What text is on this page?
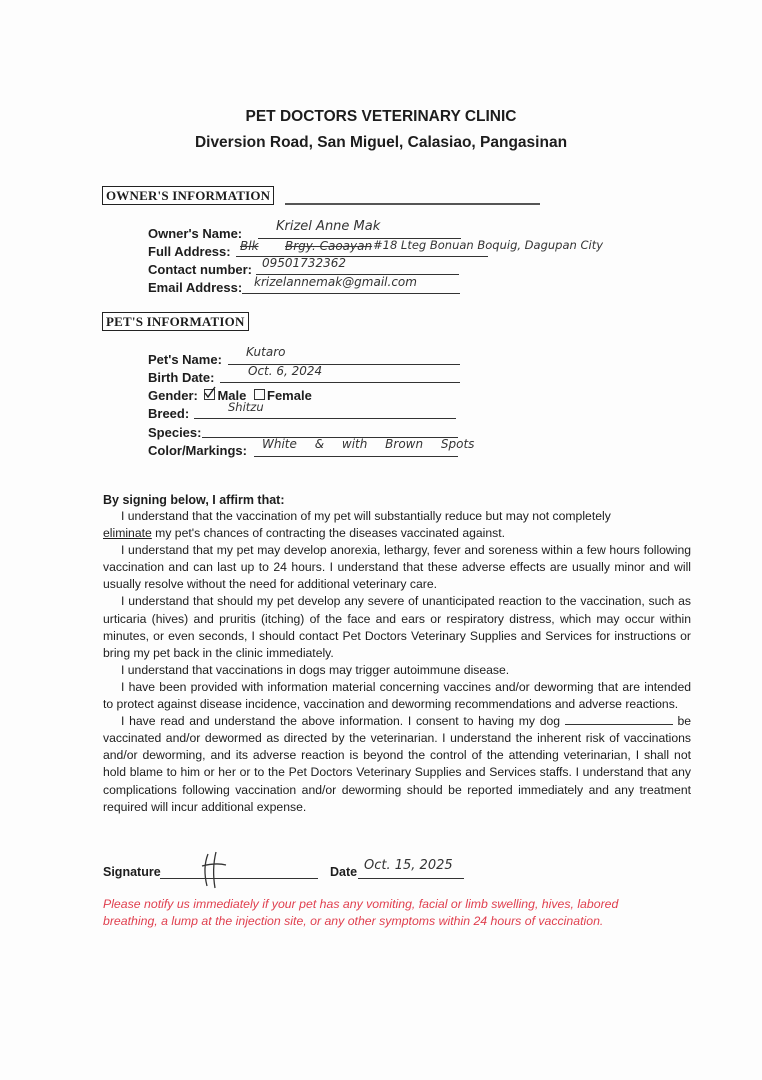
PET DOCTORS VETERINARY CLINIC
Diversion Road, San Miguel, Calasiao, Pangasinan
OWNER'S INFORMATION
Owner's Name:	Krizel Anne Mak
Full Address: Blk Brgy. Caoayan #18 Lteg Bonuan Boquig, Dagupan City
Contact number: 09501732362
Email Address: krizelannemak@gmail.com
PET'S INFORMATION
Pet's Name: Kutaro
Birth Date:	Oct. 6, 2024
Gender: Male Female
Breed:	Shitzu
Species:
Color/Markings: White & with Brown Spots
By signing below, I affirm that:

I understand that the vaccination of my pet will substantially reduce but may not completely

eliminate my pet's chances of contracting the diseases vaccinated against.

I understand that my pet may develop anorexia, lethargy, fever and soreness within a few hours following vaccination and can last up to 24 hours. I understand that these adverse effects are usually minor and will usually resolve without the need for additional veterinary care.

I understand that should my pet develop any severe of unanticipated reaction to the vaccination, such as urticaria (hives) and pruritis (itching) of the face and ears or respiratory distress, which may occur within minutes, or even seconds, I should contact Pet Doctors Veterinary Supplies and Services for instructions or bring my pet back in the clinic immediately.

I understand that vaccinations in dogs may trigger autoimmune disease.

I have been provided with information material concerning vaccines and/or deworming that are intended to protect against disease incidence, vaccination and deworming recommendations and adverse reactions.

I have read and understand the above information. I consent to having my dog	be vaccinated and/or dewormed as directed by the veterinarian. I understand the inherent risk of vaccinations and/or deworming, and its adverse reaction is beyond the control of the attending veterinarian, I shall not hold blame to him or her or to the Pet Doctors Veterinary Supplies and Services staffs. I understand that any complications following vaccination and/or deworming should be reported immediately and any treatment required will incur additional expense.

Signature	Date Oct. 15, 2025
Please notify us immediately if your pet has any vomiting, facial or limb swelling, hives, labored breathing, a lump at the injection site, or any other symptoms within 24 hours of vaccination.
